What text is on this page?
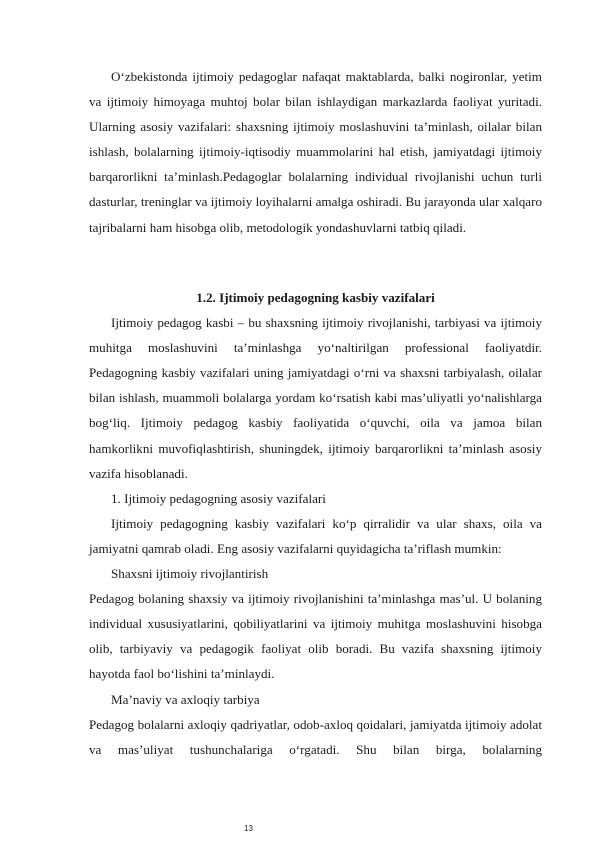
O‘zbekistonda ijtimoiy pedagoglar nafaqat maktablarda, balki nogironlar, yetim va ijtimoiy himoyaga muhtoj bolar bilan ishlaydigan markazlarda faoliyat yuritadi. Ularning asosiy vazifalari: shaxsning ijtimoiy moslashuvini ta’minlash, oilalar bilan ishlash, bolalarning ijtimoiy-iqtisodiy muammolarini hal etish, jamiyatdagi ijtimoiy barqarorlikni ta’minlash.Pedagoglar bolalarning individual rivojlanishi uchun turli dasturlar, treninglar va ijtimoiy loyihalarni amalga oshiradi. Bu jarayonda ular xalqaro tajribalarni ham hisobga olib, metodologik yondashuvlarni tatbiq qiladi.

1.2. Ijtimoiy pedagogning kasbiy vazifalari

Ijtimoiy pedagog kasbi – bu shaxsning ijtimoiy rivojlanishi, tarbiyasi va ijtimoiy muhitga moslashuvini ta’minlashga yo‘naltirilgan professional faoliyatdir. Pedagogning kasbiy vazifalari uning jamiyatdagi o‘rni va shaxsni tarbiyalash, oilalar bilan ishlash, muammoli bolalarga yordam ko‘rsatish kabi mas’uliyatli yo‘nalishlarga bog‘liq. Ijtimoiy pedagog kasbiy faoliyatida o‘quvchi, oila va jamoa bilan hamkorlikni muvofiqlashtirish, shuningdek, ijtimoiy barqarorlikni ta’minlash asosiy vazifa hisoblanadi.

1. Ijtimoiy pedagogning asosiy vazifalari

Ijtimoiy pedagogning kasbiy vazifalari ko‘p qirralidir va ular shaxs, oila va jamiyatni qamrab oladi. Eng asosiy vazifalarni quyidagicha ta’riflash mumkin:

Shaxsni ijtimoiy rivojlantirish

Pedagog bolaning shaxsiy va ijtimoiy rivojlanishini ta’minlashga mas’ul. U bolaning individual xususiyatlarini, qobiliyatlarini va ijtimoiy muhitga moslashuvini hisobga olib, tarbiyaviy va pedagogik faoliyat olib boradi. Bu vazifa shaxsning ijtimoiy hayotda faol bo‘lishini ta’minlaydi.

Ma’naviy va axloqiy tarbiya

Pedagog bolalarni axloqiy qadriyatlar, odob-axloq qoidalari, jamiyatda ijtimoiy adolat va mas’uliyat tushunchalariga o‘rgatadi. Shu bilan birga, bolalarning

13
